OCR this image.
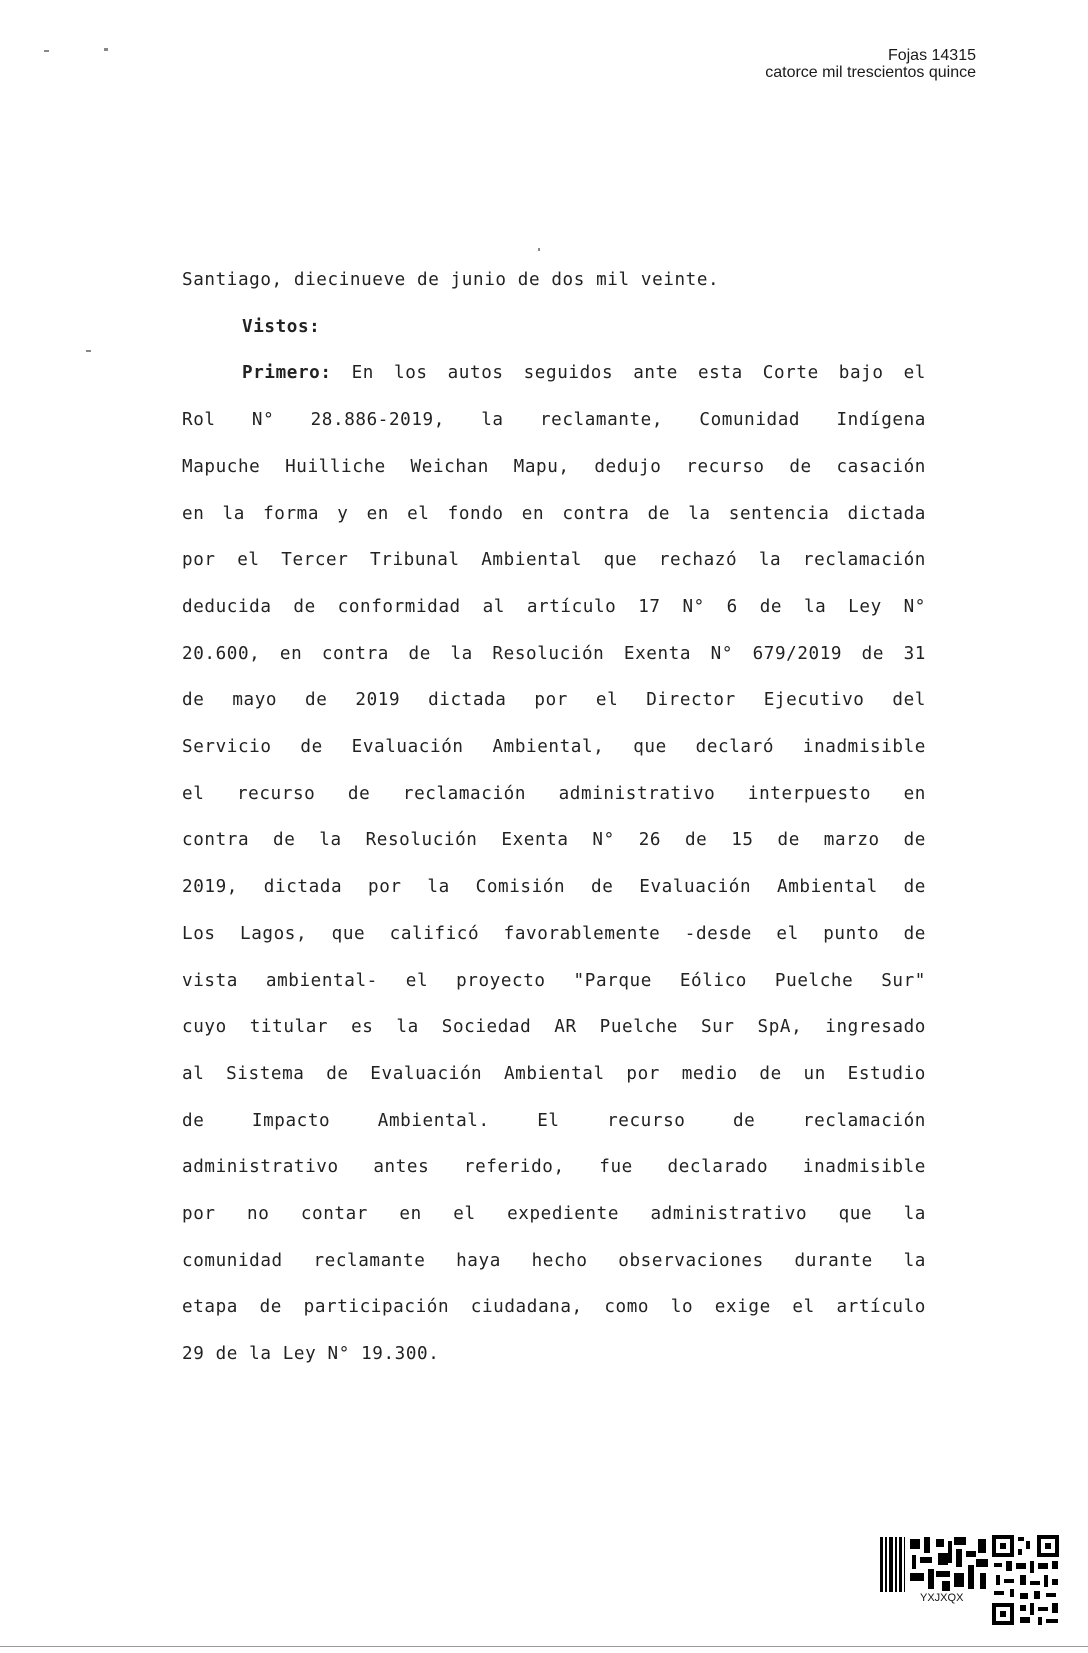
Fojas 14315
catorce mil trescientos quince

Santiago, diecinueve de junio de dos mil veinte.

Vistos:

Primero: En los autos seguidos ante esta Corte bajo el

Rol N° 28.886-2019, la reclamante, Comunidad Indígena

Mapuche Huilliche Weichan Mapu, dedujo recurso de casación

en la forma y en el fondo en contra de la sentencia dictada

por el Tercer Tribunal Ambiental que rechazó la reclamación

deducida de conformidad al artículo 17 N° 6 de la Ley N°

20.600, en contra de la Resolución Exenta N° 679/2019 de 31

de mayo de 2019 dictada por el Director Ejecutivo del

Servicio de Evaluación Ambiental, que declaró inadmisible

el recurso de reclamación administrativo interpuesto en

contra de la Resolución Exenta N° 26 de 15 de marzo de

2019, dictada por la Comisión de Evaluación Ambiental de

Los Lagos, que calificó favorablemente -desde el punto de

vista ambiental- el proyecto "Parque Eólico Puelche Sur"

cuyo titular es la Sociedad AR Puelche Sur SpA, ingresado

al Sistema de Evaluación Ambiental por medio de un Estudio

de Impacto Ambiental. El recurso de reclamación

administrativo antes referido, fue declarado inadmisible

por no contar en el expediente administrativo que la

comunidad reclamante haya hecho observaciones durante la

etapa de participación ciudadana, como lo exige el artículo

29 de la Ley N° 19.300.

YXJXQX
